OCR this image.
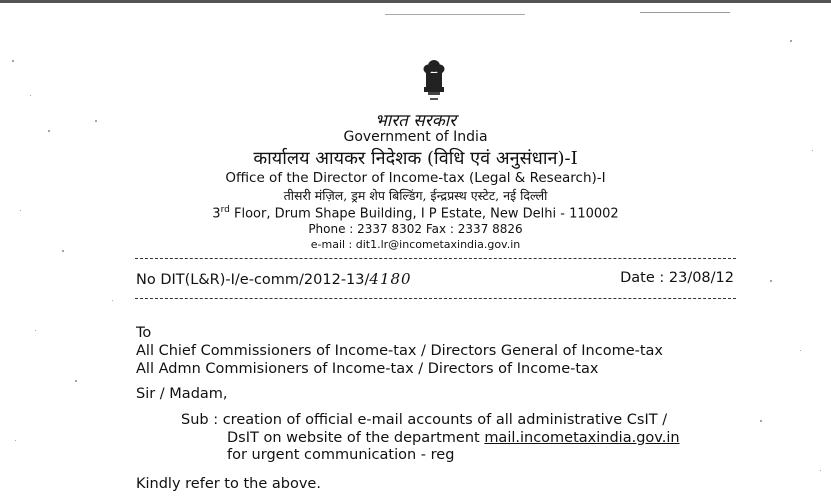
भारत सरकार
Government of India
कार्यालय आयकर निदेशक (विधि एवं अनुसंधान)-I
Office of the Director of Income-tax (Legal & Research)-I
तीसरी मंज़िल, ड्रम शेप बिल्डिंग, ईन्द्रप्रस्थ एस्टेट, नई दिल्ली
3rd Floor, Drum Shape Building, I P Estate, New Delhi - 110002
Phone : 2337 8302 Fax : 2337 8826
e-mail : dit1.lr@incometaxindia.gov.in
No DIT(L&R)-I/e-comm/2012-13/4180	Date : 23/08/12
To
All Chief Commissioners of Income-tax / Directors General of Income-tax
All Admn Commisioners of Income-tax / Directors of Income-tax
Sir / Madam,
Sub : creation of official e-mail accounts of all administrative CsIT /
DsIT on website of the department mail.incometaxindia.gov.in
for urgent communication - reg
Kindly refer to the above.
